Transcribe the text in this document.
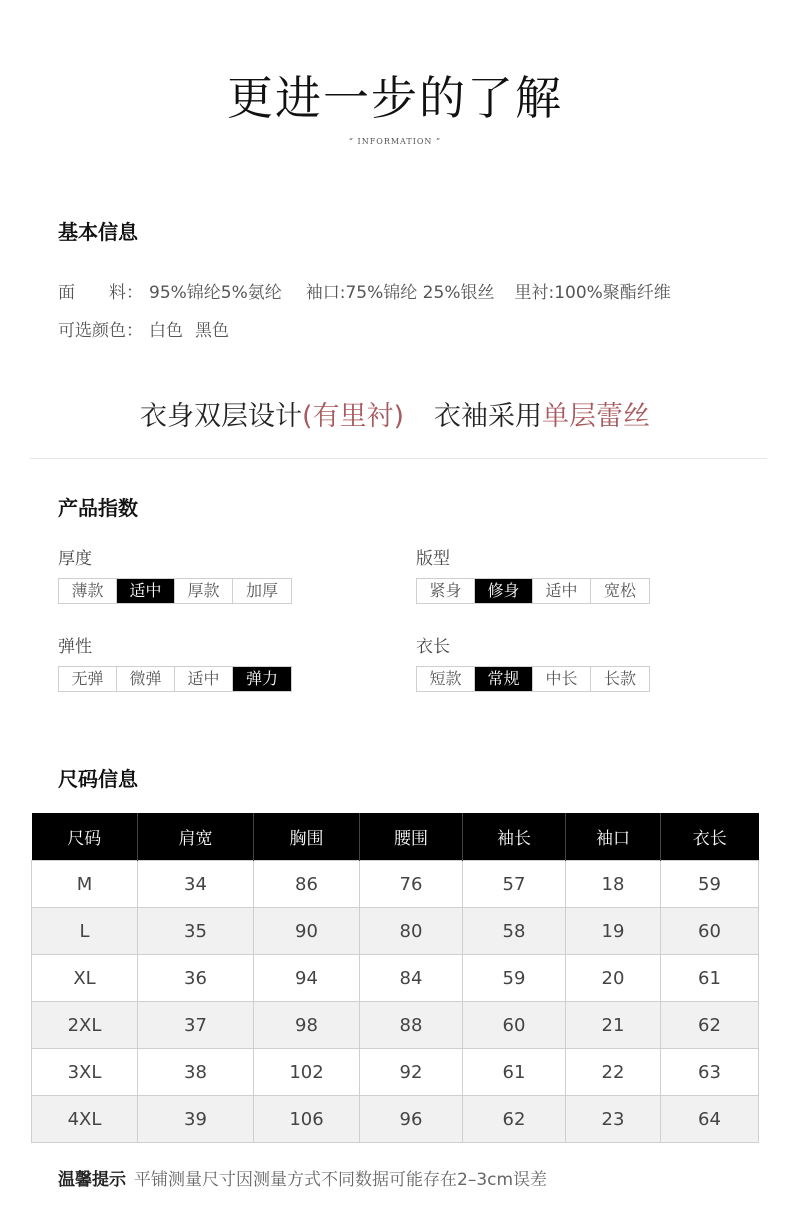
更进一步的了解
“ INFORMATION ”
基本信息
面　　料： 95%锦纶5%氨纶 袖口:75%锦纶 25%银丝 里衬:100%聚酯纤维
可选颜色： 白色 黑色
衣身双层设计(有里衬) 衣袖采用单层蕾丝
产品指数
厚度
薄款	适中	厚款	加厚
版型
紧身	修身	适中	宽松
弹性
无弹	微弹	适中	弹力
衣长
短款	常规	中长	长款
尺码信息
尺码	肩宽	胸围	腰围	袖长	袖口	衣长
M	34	86	76	57	18	59
L	35	90	80	58	19	60
XL	36	94	84	59	20	61
2XL	37	98	88	60	21	62
3XL	38	102	92	61	22	63
4XL	39	106	96	62	23	64
温馨提示 平铺测量尺寸因测量方式不同数据可能存在2–3cm误差
